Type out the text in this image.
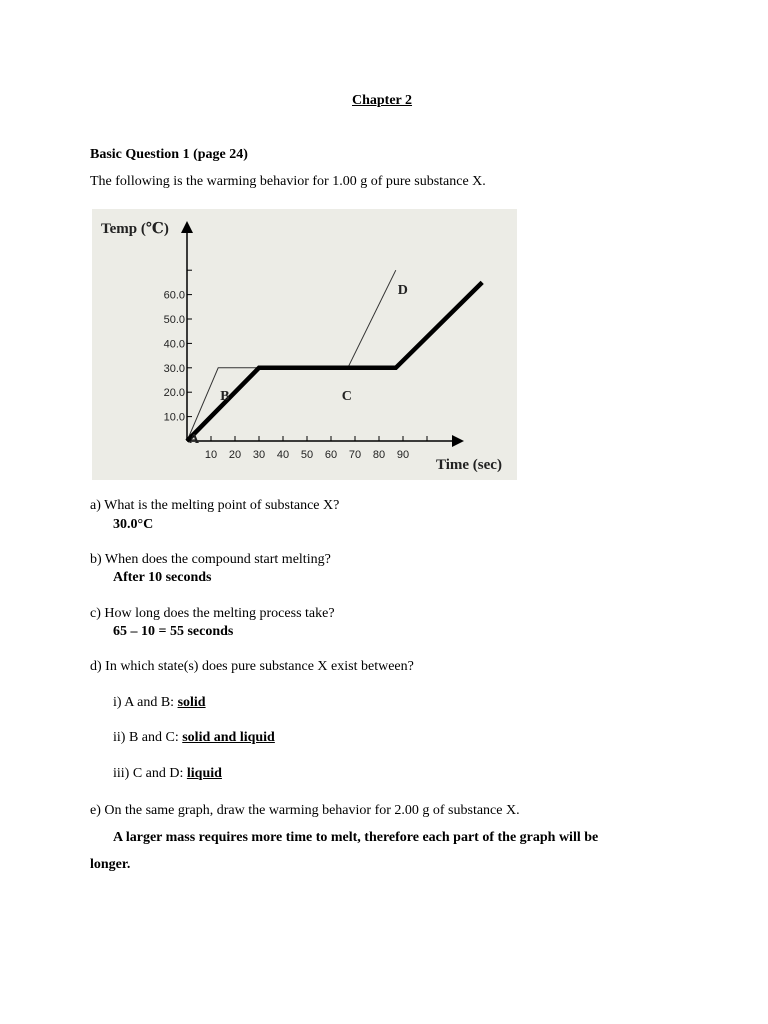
Chapter 2
Basic Question 1 (page 24)
The following is the warming behavior for 1.00 g of pure substance X.
Temp (℃)
Time (sec)
10.0
20.0
30.0
40.0
50.0
60.0
10 20 30 40 50 60 70 80 90
A
B	C
D
a) What is the melting point of substance X?
30.0°C
b) When does the compound start melting?
After 10 seconds
c) How long does the melting process take?
65 – 10 = 55 seconds
d) In which state(s) does pure substance X exist between?
i) A and B: solid
ii) B and C: solid and liquid
iii) C and D: liquid
e) On the same graph, draw the warming behavior for 2.00 g of substance X.
A larger mass requires more time to melt, therefore each part of the graph will be
longer.
